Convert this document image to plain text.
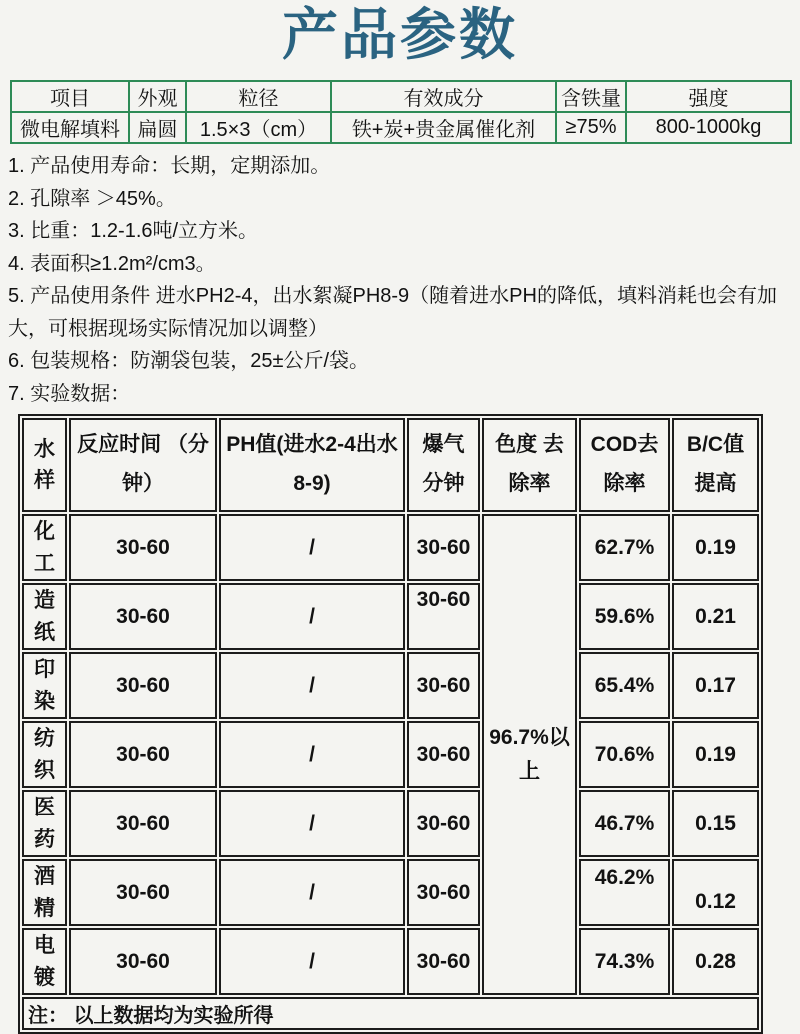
产品参数
项目	外观	粒径	有效成分	含铁量	强度
微电解填料	扁圆	1.5×3（cm）	铁+炭+贵金属催化剂	≥75%	800-1000kg

1. 产品使用寿命：长期，定期添加。

2. 孔隙率 ＞45%。

3. 比重：1.2-1.6吨/立方米。

4. 表面积≥1.2m²/cm3。

5. 产品使用条件 进水PH2-4，出水絮凝PH8-9（随着进水PH的降低，填料消耗也会有加大，可根据现场实际情况加以调整）

6. 包装规格：防潮袋包装，25±公斤/袋。

7. 实验数据：

水样	反应时间 （分钟）	PH值(进水2-4出水8-9)	爆气 分钟	色度 去除率	COD去除率	B/C值 提高

化工	30-60	/	30-60	96.7%以上	62.7%	0.19

造纸	30-60	/	30-60		59.6%	0.21

印染	30-60	/	30-60		65.4%	0.17

纺织	30-60	/	30-60		70.6%	0.19

医药	30-60	/	30-60		46.7%	0.15

酒精	30-60	/	30-60		46.2%	0.12

电镀	30-60	/	30-60		74.3%	0.28
注： 以上数据均为实验所得						
